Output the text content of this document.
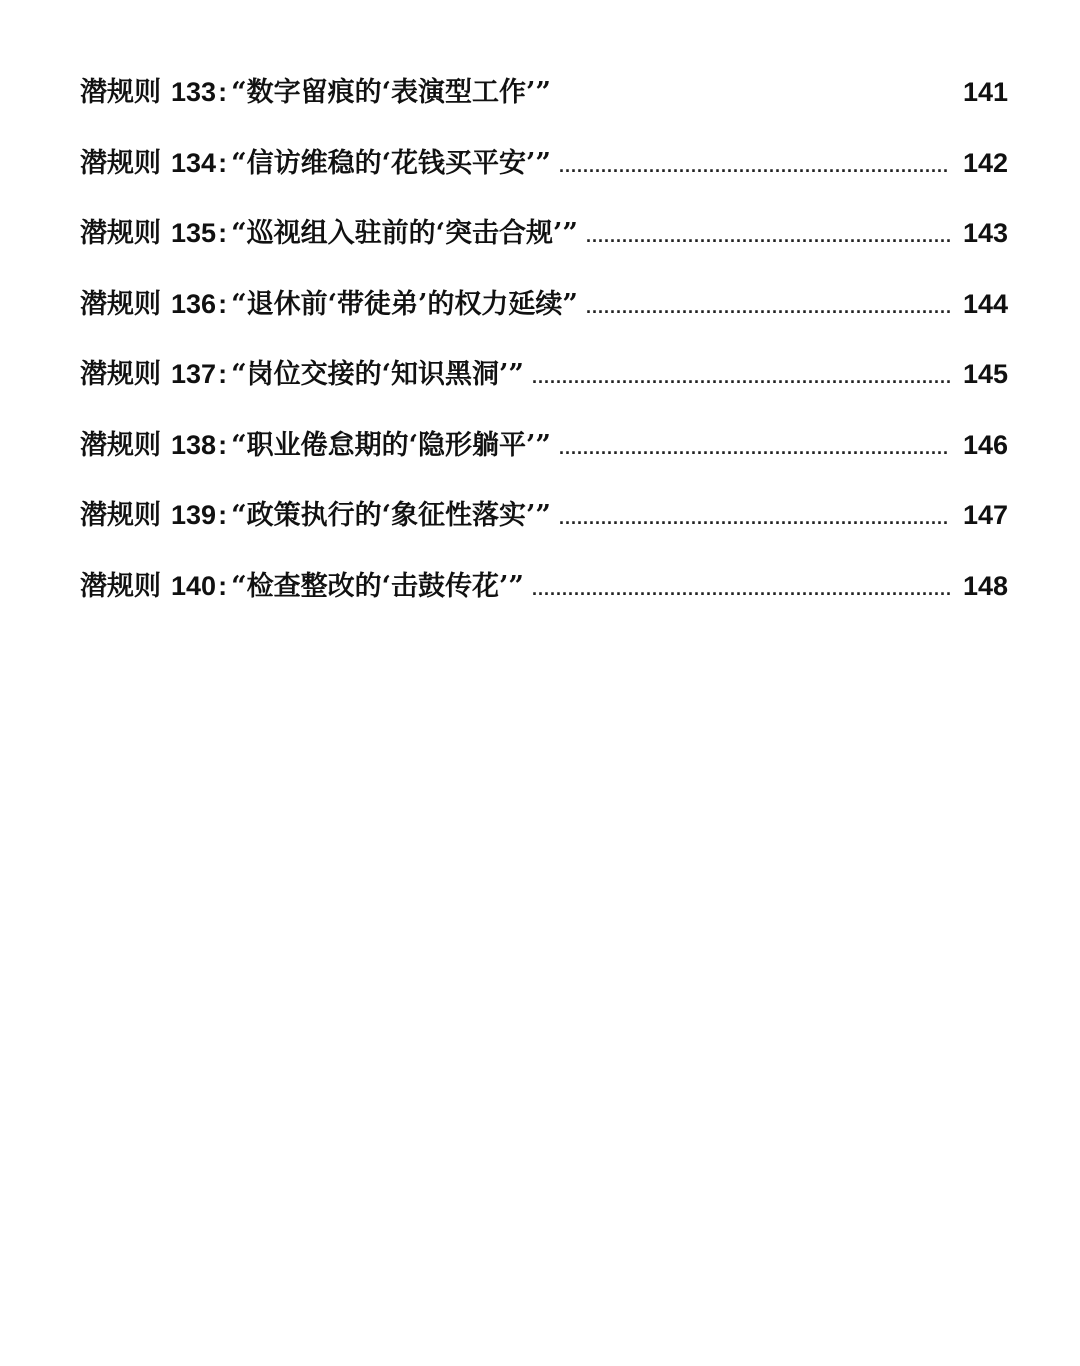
潜规则 133 : “数字留痕的‘表演型工作’”	141
潜规则 134 : “信访维稳的‘花钱买平安’” .....	142
潜规则 135 : “巡视组入驻前的‘突击合规’” .....	143
潜规则 136 : “退休前‘带徒弟’的权力延续” .....	144
潜规则 137 : “岗位交接的‘知识黑洞’” .....	145
潜规则 138 : “职业倦怠期的‘隐形躺平’” .....	146
潜规则 139 : “政策执行的‘象征性落实’” .....	147
潜规则 140 : “检查整改的‘击鼓传花’” .....	148
